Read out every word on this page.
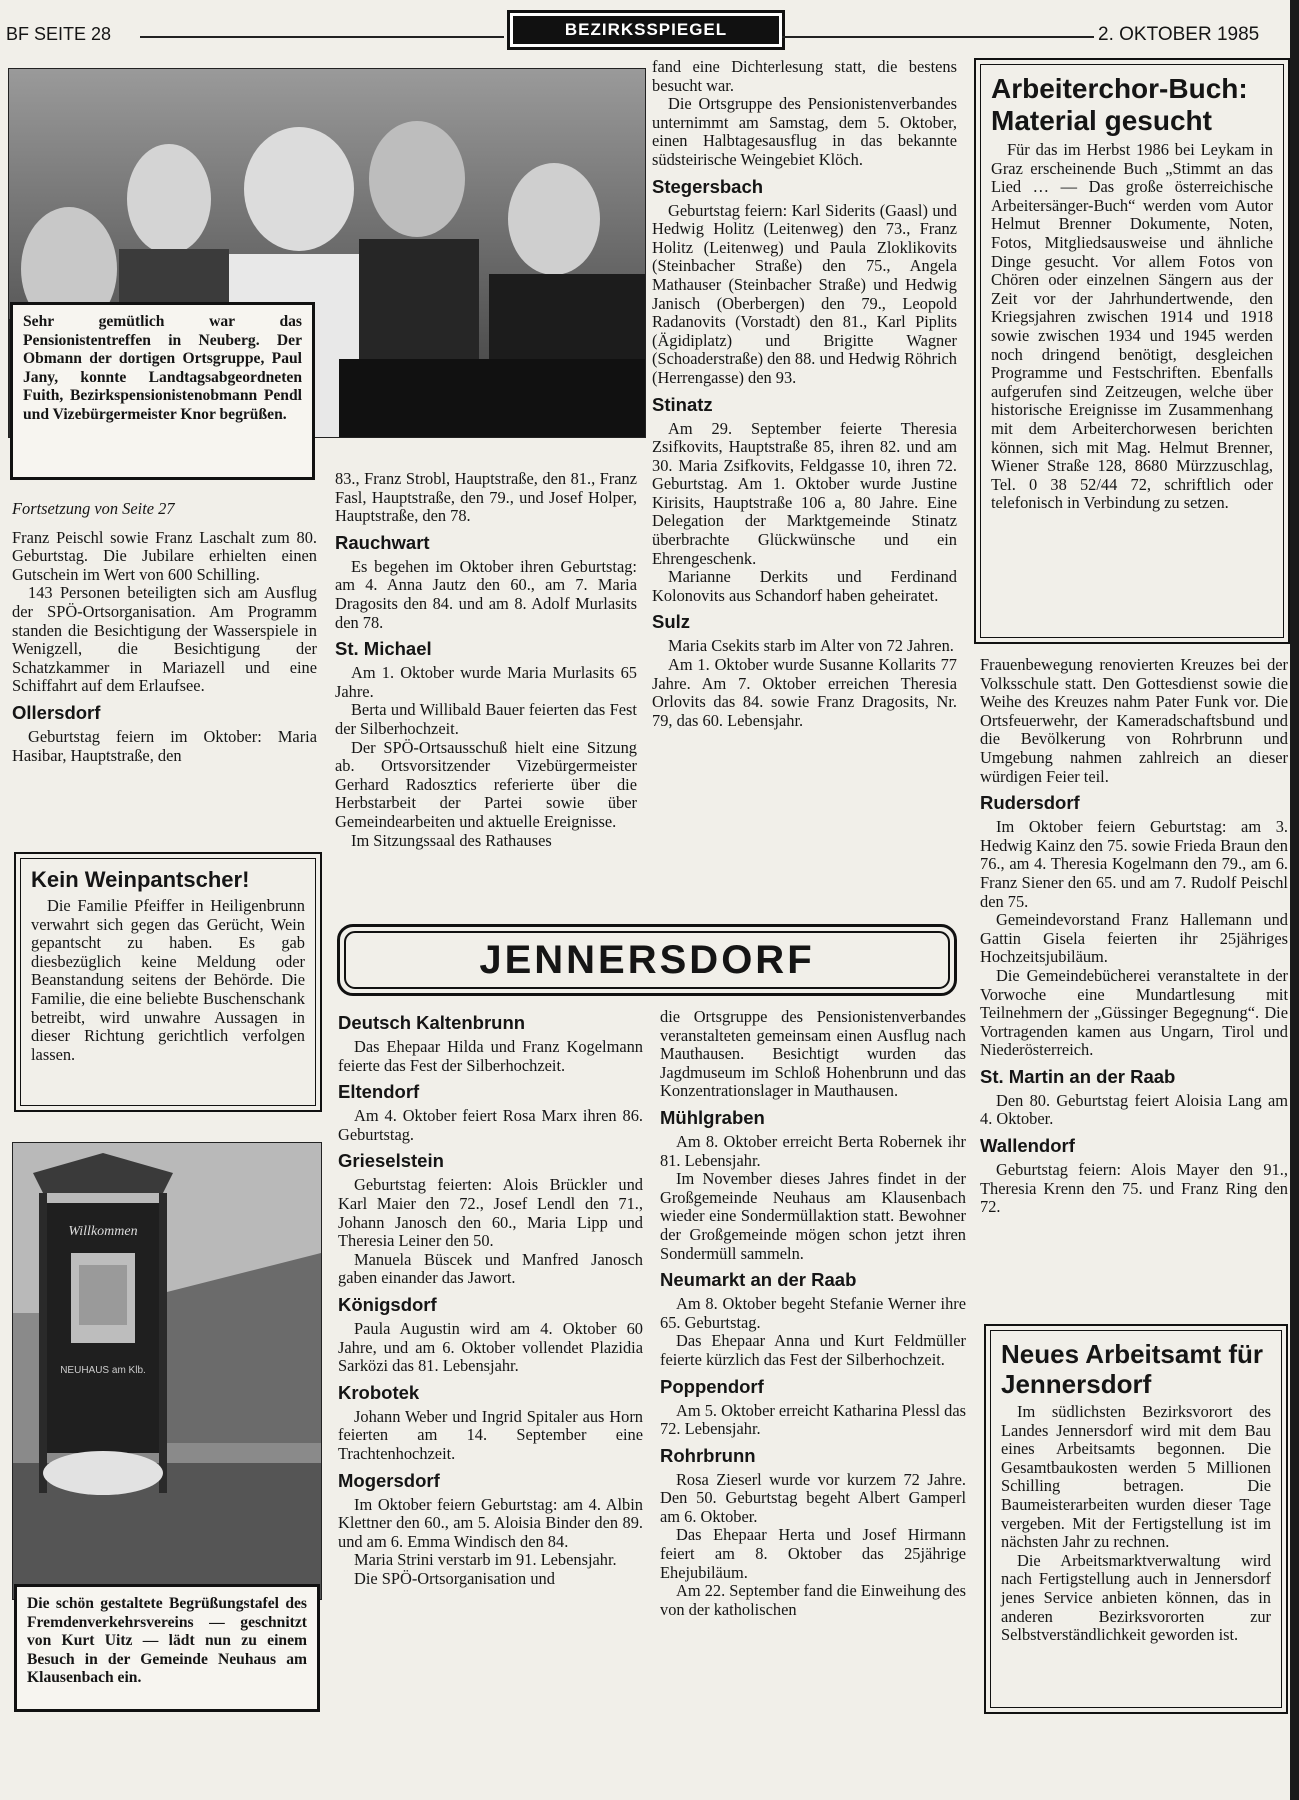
BF SEITE 28	BEZIRKSSPIEGEL	2. OKTOBER 1985
Sehr gemütlich war das Pensionistentreffen in Neuberg. Der Obmann der dortigen Ortsgruppe, Paul Jany, konnte Landtagsabgeordneten Fuith, Bezirkspensionistenobmann Pendl und Vizebürgermeister Knor begrüßen.

Fortsetzung von Seite 27

Franz Peischl sowie Franz Laschalt zum 80. Geburtstag. Die Jubilare erhielten einen Gutschein im Wert von 600 Schilling.

143 Personen beteiligten sich am Ausflug der SPÖ-Ortsorganisation. Am Programm standen die Besichtigung der Wasserspiele in Wenigzell, die Besichtigung der Schatzkammer in Mariazell und eine Schiffahrt auf dem Erlaufsee.

Ollersdorf

Geburtstag feiern im Oktober: Maria Hasibar, Hauptstraße, den

Kein Weinpantscher!

Die Familie Pfeiffer in Heiligenbrunn verwahrt sich gegen das Gerücht, Wein gepantscht zu haben. Es gab diesbezüglich keine Meldung oder Beanstandung seitens der Behörde. Die Familie, die eine beliebte Buschenschank betreibt, wird unwahre Aussagen in dieser Richtung gerichtlich verfolgen lassen.

Willkommen
NEUHAUS am Klb.
Die schön gestaltete Begrüßungstafel des Fremdenverkehrsvereins — geschnitzt von Kurt Uitz — lädt nun zu einem Besuch in der Gemeinde Neuhaus am Klausenbach ein.

83., Franz Strobl, Hauptstraße, den 81., Franz Fasl, Hauptstraße, den 79., und Josef Holper, Hauptstraße, den 78.

Rauchwart

Es begehen im Oktober ihren Geburtstag: am 4. Anna Jautz den 60., am 7. Maria Dragosits den 84. und am 8. Adolf Murlasits den 78.

St. Michael

Am 1. Oktober wurde Maria Murlasits 65 Jahre.

Berta und Willibald Bauer feierten das Fest der Silberhochzeit.

Der SPÖ-Ortsausschuß hielt eine Sitzung ab. Ortsvorsitzender Vizebürgermeister Gerhard Radosztics referierte über die Herbstarbeit der Partei sowie über Gemeindearbeiten und aktuelle Ereignisse.

Im Sitzungssaal des Rathauses

fand eine Dichterlesung statt, die bestens besucht war.

Die Ortsgruppe des Pensionistenverbandes unternimmt am Samstag, dem 5. Oktober, einen Halbtagesausflug in das bekannte südsteirische Weingebiet Klöch.

Stegersbach

Geburtstag feiern: Karl Siderits (Gaasl) und Hedwig Holitz (Leitenweg) den 73., Franz Holitz (Leitenweg) und Paula Zloklikovits (Steinbacher Straße) den 75., Angela Mathauser (Steinbacher Straße) und Hedwig Janisch (Oberbergen) den 79., Leopold Radanovits (Vorstadt) den 81., Karl Piplits (Ägidiplatz) und Brigitte Wagner (Schoaderstraße) den 88. und Hedwig Röhrich (Herrengasse) den 93.

Stinatz

Am 29. September feierte Theresia Zsifkovits, Hauptstraße 85, ihren 82. und am 30. Maria Zsifkovits, Feldgasse 10, ihren 72. Geburtstag. Am 1. Oktober wurde Justine Kirisits, Hauptstraße 106 a, 80 Jahre. Eine Delegation der Marktgemeinde Stinatz überbrachte Glückwünsche und ein Ehrengeschenk.

Marianne Derkits und Ferdinand Kolonovits aus Schandorf haben geheiratet.

Sulz

Maria Csekits starb im Alter von 72 Jahren.

Am 1. Oktober wurde Susanne Kollarits 77 Jahre. Am 7. Oktober erreichen Theresia Orlovits das 84. sowie Franz Dragosits, Nr. 79, das 60. Lebensjahr.

Arbeiterchor-Buch: Material gesucht

Für das im Herbst 1986 bei Leykam in Graz erscheinende Buch „Stimmt an das Lied … — Das große österreichische Arbeitersänger-Buch“ werden vom Autor Helmut Brenner Dokumente, Noten, Fotos, Mitgliedsausweise und ähnliche Dinge gesucht. Vor allem Fotos von Chören oder einzelnen Sängern aus der Zeit vor der Jahrhundertwende, den Kriegsjahren zwischen 1914 und 1918 sowie zwischen 1934 und 1945 werden noch dringend benötigt, desgleichen Programme und Festschriften. Ebenfalls aufgerufen sind Zeitzeugen, welche über historische Ereignisse im Zusammenhang mit dem Arbeiterchorwesen berichten können, sich mit Mag. Helmut Brenner, Wiener Straße 128, 8680 Mürzzuschlag, Tel. 0 38 52/44 72, schriftlich oder telefonisch in Verbindung zu setzen.

Frauenbewegung renovierten Kreuzes bei der Volksschule statt. Den Gottesdienst sowie die Weihe des Kreuzes nahm Pater Funk vor. Die Ortsfeuerwehr, der Kameradschaftsbund und die Bevölkerung von Rohrbrunn und Umgebung nahmen zahlreich an dieser würdigen Feier teil.

Rudersdorf

Im Oktober feiern Geburtstag: am 3. Hedwig Kainz den 75. sowie Frieda Braun den 76., am 4. Theresia Kogelmann den 79., am 6. Franz Siener den 65. und am 7. Rudolf Peischl den 75.

Gemeindevorstand Franz Hallemann und Gattin Gisela feierten ihr 25jähriges Hochzeitsjubiläum.

Die Gemeindebücherei veranstaltete in der Vorwoche eine Mundartlesung mit Teilnehmern der „Güssinger Begegnung“. Die Vortragenden kamen aus Ungarn, Tirol und Niederösterreich.

St. Martin an der Raab

Den 80. Geburtstag feiert Aloisia Lang am 4. Oktober.

Wallendorf

Geburtstag feiern: Alois Mayer den 91., Theresia Krenn den 75. und Franz Ring den 72.

Neues Arbeitsamt für Jennersdorf

Im südlichsten Bezirksvorort des Landes Jennersdorf wird mit dem Bau eines Arbeitsamts begonnen. Die Gesamtbaukosten werden 5 Millionen Schilling betragen. Die Baumeisterarbeiten wurden dieser Tage vergeben. Mit der Fertigstellung ist im nächsten Jahr zu rechnen.

Die Arbeitsmarktverwaltung wird nach Fertigstellung auch in Jennersdorf jenes Service anbieten können, das in anderen Bezirksvororten zur Selbstverständlichkeit geworden ist.

JENNERSDORF
Deutsch Kaltenbrunn

Das Ehepaar Hilda und Franz Kogelmann feierte das Fest der Silberhochzeit.

Eltendorf

Am 4. Oktober feiert Rosa Marx ihren 86. Geburtstag.

Grieselstein

Geburtstag feierten: Alois Brückler und Karl Maier den 72., Josef Lendl den 71., Johann Janosch den 60., Maria Lipp und Theresia Leiner den 50.

Manuela Büscek und Manfred Janosch gaben einander das Jawort.

Königsdorf

Paula Augustin wird am 4. Oktober 60 Jahre, und am 6. Oktober vollendet Plazidia Sarközi das 81. Lebensjahr.

Krobotek

Johann Weber und Ingrid Spitaler aus Horn feierten am 14. September eine Trachtenhochzeit.

Mogersdorf

Im Oktober feiern Geburtstag: am 4. Albin Klettner den 60., am 5. Aloisia Binder den 89. und am 6. Emma Windisch den 84.

Maria Strini verstarb im 91. Lebensjahr.

Die SPÖ-Ortsorganisation und

die Ortsgruppe des Pensionistenverbandes veranstalteten gemeinsam einen Ausflug nach Mauthausen. Besichtigt wurden das Jagdmuseum im Schloß Hohenbrunn und das Konzentrationslager in Mauthausen.

Mühlgraben

Am 8. Oktober erreicht Berta Robernek ihr 81. Lebensjahr.

Im November dieses Jahres findet in der Großgemeinde Neuhaus am Klausenbach wieder eine Sondermüllaktion statt. Bewohner der Großgemeinde mögen schon jetzt ihren Sondermüll sammeln.

Neumarkt an der Raab

Am 8. Oktober begeht Stefanie Werner ihre 65. Geburtstag.

Das Ehepaar Anna und Kurt Feldmüller feierte kürzlich das Fest der Silberhochzeit.

Poppendorf

Am 5. Oktober erreicht Katharina Plessl das 72. Lebensjahr.

Rohrbrunn

Rosa Zieserl wurde vor kurzem 72 Jahre. Den 50. Geburtstag begeht Albert Gamperl am 6. Oktober.

Das Ehepaar Herta und Josef Hirmann feiert am 8. Oktober das 25jährige Ehejubiläum.

Am 22. September fand die Einweihung des von der katholischen
